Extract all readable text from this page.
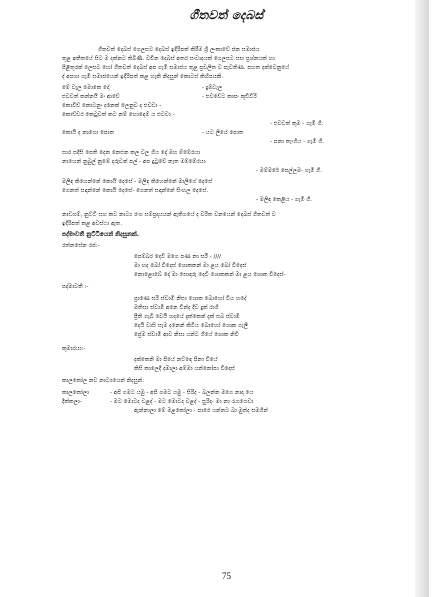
ගීතවත් දෙබස්
ගීතවත් දෙබස් ගෙලසට දෙබස් ඉදිරිපත් කිරීම ශ්‍රී ලංකාවේ ජන සමාජය
තුළ අතීතයේ සිට ම දක්නට තිබිණි. වචින දෙබස් අතර සංවාදයක් ගෙලසට සභ ප්‍රශ්නයක් හා
පිළිතුරක් ලෙසට හෝ ගීතවත් දෙබස් අප ගැමි සමාජය තුළ ප්‍රචලිත ව පැවතිණ. පහත දක්වෙනුයේ
ද් අපගා ගැමි සමාජයෙන් ඉදිරිපත් කළ හැකි නිදසුන් කොටස් කිහිපයකි.
මේ වැල මොකෙ දෝ	- දුම්වැල
එවවත් කන්නයි මං ආවේ	- එවවේට කාපං කුඩිවිරි
කොවිච් කොටනුං දනෙක් ලෙනුව ද එවවා -
කොච්චර කෙටුවත් කට නම් හොඳෙම් ය එවවා -
- එවවත් කුම - ගැමි ගී.
කොයි ද නාගො පොත	- යට ලියේ පොත
- පනා තැංගිය - ගැමි ගී.
සාර සදිසි පෙති දෙන නෙළුන කල වල ගිය දෝ මහ ම්මේරයා
නාහෙන් නුබුල් නුඹේ දරුවන් පල් - අප දුටුවේ නැත මම්මේරයා
- මම්මරේ පෙල්ලම- ගැමි ගී.
මලිඳ කිහෙන්නේ කොයි දෙසේ - මලිඳ කිහෙන්නේ මාලිගේ දෙසේ
ගෙනත් සඳාන්නේ කොයි දෙසේ- ගෙනත් සඳාන්නේ සිංහල දෙසේ.
- මලිඳ කෙළිය - ගැමි ගී.
නාඩගම්, නුට්ටි සහ කව නාට්‍ය රංග සම්ප්‍රදායයන් ඇතිගයේ ද වරිත වනයෙන් දෙබස් ගීතවත් ව
ඉදිරිපත් කළ අවස්ථා ඇත.
පද්මාවතී නුට්ටියෙන් නිදසුනක්.
රත්නසේන රජ:-
පෙම්බර දෙවී මගෙ පණ නා සරී - ////
මා හද බෝ විදෙස් ශොකකන් මා ළය බෝ විදෙස්
නොළොබේ දෝ මා සොඳරු දෙවී ශොකකන් මා ළය ශොක විදෙස්-
පද්මාවතී :-
ප්‍රාණෙ සරි ස්වාමි නිසා ශොක බොහෝ විය හදේ
මතිසා ස්වාමි අනෙ වින්ද දිව දුක් රාගී
ප්‍රීති ගැබි වෙයි හදයේ දැක්කෙන් දැක් සබ ස්වාමී
දෙයි වාසි සැම දනෙන් කිටිය බොහෝ ශොක ගැලී
ප්‍රේම ස්වාමි ආව නිසා යන්ට ගියේ ශොක නිවී
කුමාරයා:-
දක්කෙනි මා පියේ නට්ඳෙ පිනා වියේ
කිසි කාලෙදි දමාලා අම්මා යන්නෝපා විදෙස්
කාලකෝල නව නාට්‍යයෙන් නිදසුන්:
කාලකෝලා	- අපි ගමට යමු - අපි ගමට යමු - සිරිද - බලන්න මගෙ නාදා යෙ
දික්කලා-	- මට මොටද වළද් - මට මොටද වළද් - සුරිද- මා නා රැගගෙවා
ඇන්නාලා මේ මළකෝලා - පාරෙ යන්නට බා මුත්ද සමගින්
75
